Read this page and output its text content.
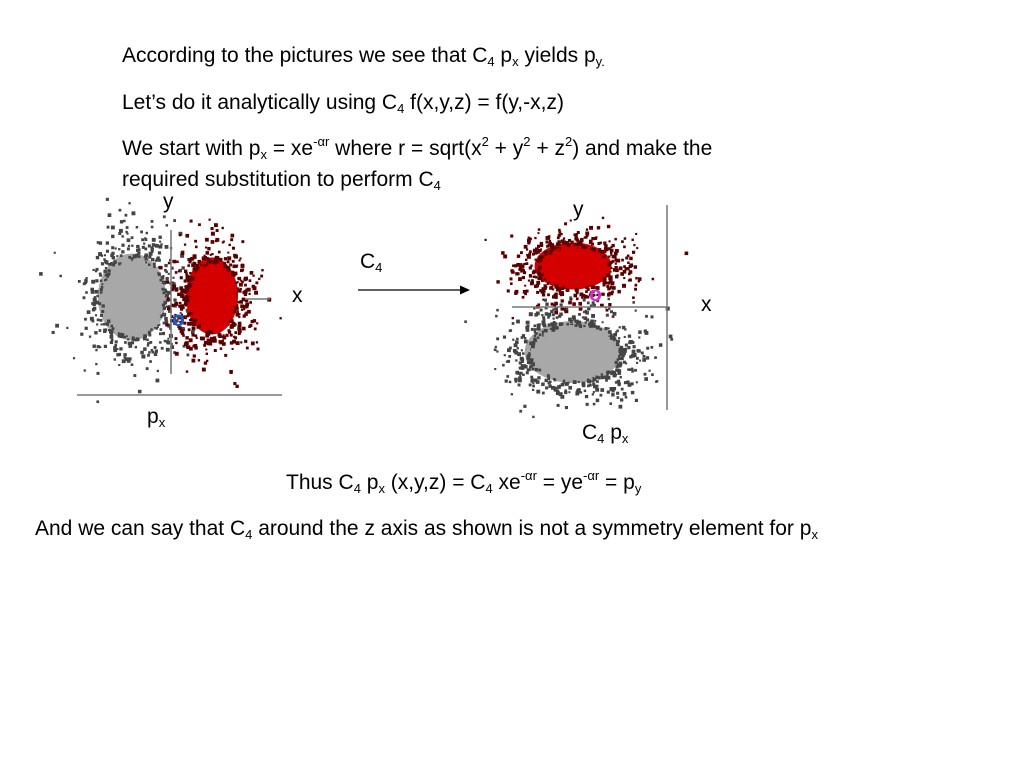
According to the pictures we see that $C_4$ $p_x$ yields $p_{y.}$
Let’s do it analytically using $C_4$ f(x,y,z) = f(y,-x,z)
We start with $p_x = xe^{-\alpha r}$ where $r = sqrt(x^2 + y^2 + z^2)$ and make the
required substitution to perform $C_4$
y
x
o
$p_x$
$C_4$
y
x
o
$C_4$ $p_x$
Thus $C_4$ $p_x$ $(x,y,z) = C_4$ $xe^{-\alpha r} = ye^{-\alpha r} = p_y$
And we can say that $C_4$ around the z axis as shown is not a symmetry element for $p_x$
